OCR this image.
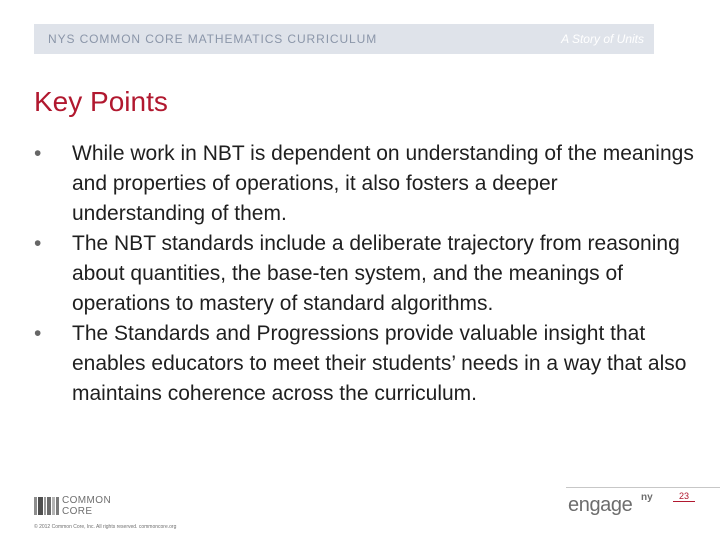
NYS COMMON CORE MATHEMATICS CURRICULUM	A Story of Units
Key Points
•	While work in NBT is dependent on understanding of the meanings and properties of operations, it also fosters a deeper understanding of them.
•	The NBT standards include a deliberate trajectory from reasoning about quantities, the base-ten system, and the meanings of operations to mastery of standard algorithms.
•	The Standards and Progressions provide valuable insight that enables educators to meet their students’ needs in a way that also maintains coherence across the curriculum.
23
COMMON
CORE
© 2012 Common Core, Inc. All rights reserved. commoncore.org
engage ny
